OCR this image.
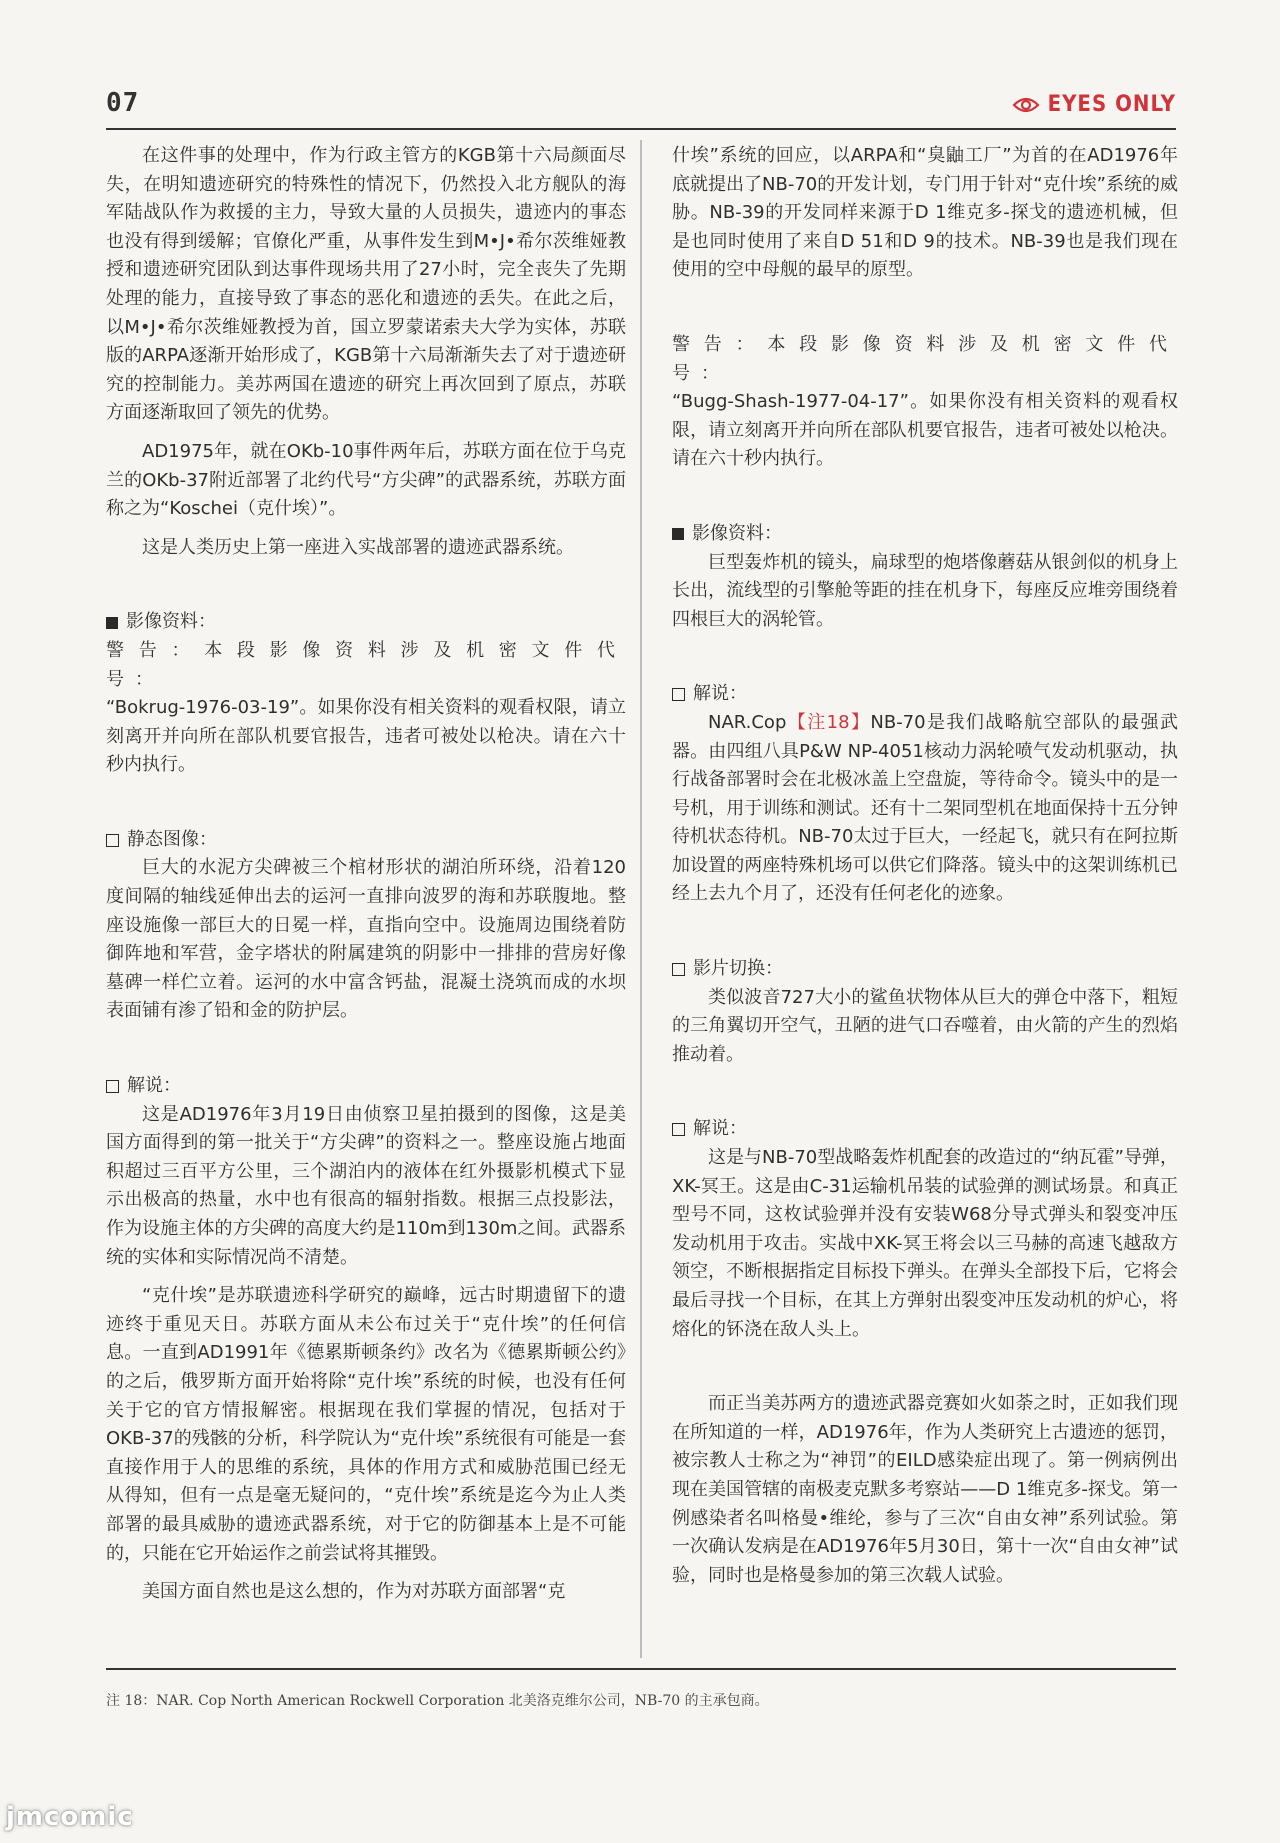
07	EYES ONLY

在这件事的处理中，作为行政主管方的KGB第十六局颜面尽失，在明知遗迹研究的特殊性的情况下，仍然投入北方舰队的海军陆战队作为救援的主力，导致大量的人员损失，遗迹内的事态也没有得到缓解；官僚化严重，从事件发生到M•J•希尔茨维娅教授和遗迹研究团队到达事件现场共用了27小时，完全丧失了先期处理的能力，直接导致了事态的恶化和遗迹的丢失。在此之后，以M•J•希尔茨维娅教授为首，国立罗蒙诺索夫大学为实体，苏联版的ARPA逐渐开始形成了，KGB第十六局渐渐失去了对于遗迹研究的控制能力。美苏两国在遗迹的研究上再次回到了原点，苏联方面逐渐取回了领先的优势。

AD1975年，就在OKb-10事件两年后，苏联方面在位于乌克兰的OKb-37附近部署了北约代号“方尖碑”的武器系统，苏联方面称之为“Koschei（克什埃）”。

这是人类历史上第一座进入实战部署的遗迹武器系统。

影像资料：

警告：本段影像资料涉及机密文件代号：

“Bokrug-1976-03-19”。如果你没有相关资料的观看权限，请立刻离开并向所在部队机要官报告，违者可被处以枪决。请在六十秒内执行。

静态图像：

巨大的水泥方尖碑被三个棺材形状的湖泊所环绕，沿着120度间隔的轴线延伸出去的运河一直排向波罗的海和苏联腹地。整座设施像一部巨大的日冕一样，直指向空中。设施周边围绕着防御阵地和军营，金字塔状的附属建筑的阴影中一排排的营房好像墓碑一样伫立着。运河的水中富含钙盐，混凝土浇筑而成的水坝表面铺有渗了铅和金的防护层。

解说：

这是AD1976年3月19日由侦察卫星拍摄到的图像，这是美国方面得到的第一批关于“方尖碑”的资料之一。整座设施占地面积超过三百平方公里，三个湖泊内的液体在红外摄影机模式下显示出极高的热量，水中也有很高的辐射指数。根据三点投影法，作为设施主体的方尖碑的高度大约是110m到130m之间。武器系统的实体和实际情况尚不清楚。

“克什埃”是苏联遗迹科学研究的巅峰，远古时期遗留下的遗迹终于重见天日。苏联方面从未公布过关于“克什埃”的任何信息。一直到AD1991年《德累斯顿条约》改名为《德累斯顿公约》的之后，俄罗斯方面开始将除“克什埃”系统的时候，也没有任何关于它的官方情报解密。根据现在我们掌握的情况，包括对于OKB-37的残骸的分析，科学院认为“克什埃”系统很有可能是一套直接作用于人的思维的系统，具体的作用方式和威胁范围已经无从得知，但有一点是毫无疑问的，“克什埃”系统是迄今为止人类部署的最具威胁的遗迹武器系统，对于它的防御基本上是不可能的，只能在它开始运作之前尝试将其摧毁。

美国方面自然也是这么想的，作为对苏联方面部署“克

什埃”系统的回应，以ARPA和“臭鼬工厂”为首的在AD1976年底就提出了NB-70的开发计划，专门用于针对“克什埃”系统的威胁。NB-39的开发同样来源于D 1维克多-探戈的遗迹机械，但是也同时使用了来自D 51和D 9的技术。NB-39也是我们现在使用的空中母舰的最早的原型。

警告：本段影像资料涉及机密文件代号：

“Bugg-Shash-1977-04-17”。如果你没有相关资料的观看权限，请立刻离开并向所在部队机要官报告，违者可被处以枪决。请在六十秒内执行。

影像资料：

巨型轰炸机的镜头，扁球型的炮塔像蘑菇从银剑似的机身上长出，流线型的引擎舱等距的挂在机身下，每座反应堆旁围绕着四根巨大的涡轮管。

解说：

NAR.Cop【注18】NB-70是我们战略航空部队的最强武器。由四组八具P&W NP-4051核动力涡轮喷气发动机驱动，执行战备部署时会在北极冰盖上空盘旋，等待命令。镜头中的是一号机，用于训练和测试。还有十二架同型机在地面保持十五分钟待机状态待机。NB-70太过于巨大，一经起飞，就只有在阿拉斯加设置的两座特殊机场可以供它们降落。镜头中的这架训练机已经上去九个月了，还没有任何老化的迹象。

影片切换：

类似波音727大小的鲨鱼状物体从巨大的弹仓中落下，粗短的三角翼切开空气，丑陋的进气口吞噬着，由火箭的产生的烈焰推动着。

解说：

这是与NB-70型战略轰炸机配套的改造过的“纳瓦霍”导弹，XK-冥王。这是由C-31运输机吊装的试验弹的测试场景。和真正型号不同，这枚试验弹并没有安装W68分导式弹头和裂变冲压发动机用于攻击。实战中XK-冥王将会以三马赫的高速飞越敌方领空，不断根据指定目标投下弹头。在弹头全部投下后，它将会最后寻找一个目标，在其上方弹射出裂变冲压发动机的炉心，将熔化的钚浇在敌人头上。

而正当美苏两方的遗迹武器竞赛如火如荼之时，正如我们现在所知道的一样，AD1976年，作为人类研究上古遗迹的惩罚，被宗教人士称之为“神罚”的EILD感染症出现了。第一例病例出现在美国管辖的南极麦克默多考察站——D 1维克多-探戈。第一例感染者名叫格曼•维纶，参与了三次“自由女神”系列试验。第一次确认发病是在AD1976年5月30日，第十一次“自由女神”试验，同时也是格曼参加的第三次载人试验。

注 18：NAR. Cop North American Rockwell Corporation 北美洛克维尔公司，NB-70 的主承包商。
jmcomic
